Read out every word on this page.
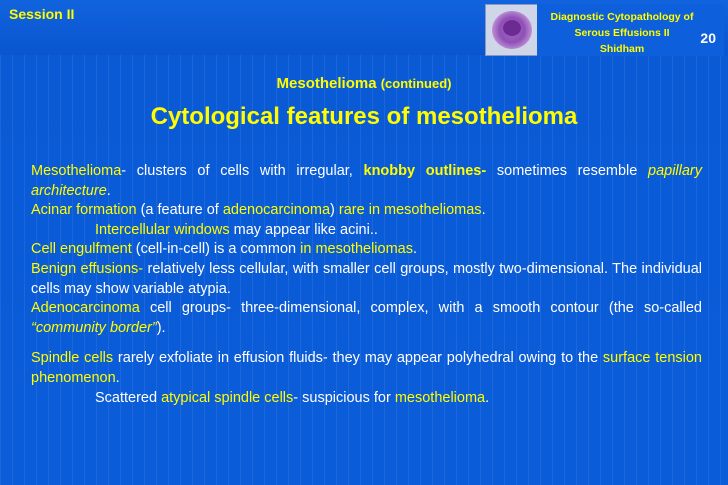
Session II	Diagnostic Cytopathology of
Serous Effusions II
Shidham
20
Mesothelioma (continued)
Cytological features of mesothelioma

Mesothelioma- clusters of cells with irregular, knobby outlines- sometimes resemble papillary architecture.

Acinar formation (a feature of adenocarcinoma) rare in mesotheliomas.

Intercellular windows may appear like acini..

Cell engulfment (cell-in-cell) is a common in mesotheliomas.

Benign effusions- relatively less cellular, with smaller cell groups, mostly two-dimensional. The individual cells may show variable atypia.

Adenocarcinoma cell groups- three-dimensional, complex, with a smooth contour (the so-called “community border”).

Spindle cells rarely exfoliate in effusion fluids- they may appear polyhedral owing to the surface tension phenomenon.

Scattered atypical spindle cells- suspicious for mesothelioma.
